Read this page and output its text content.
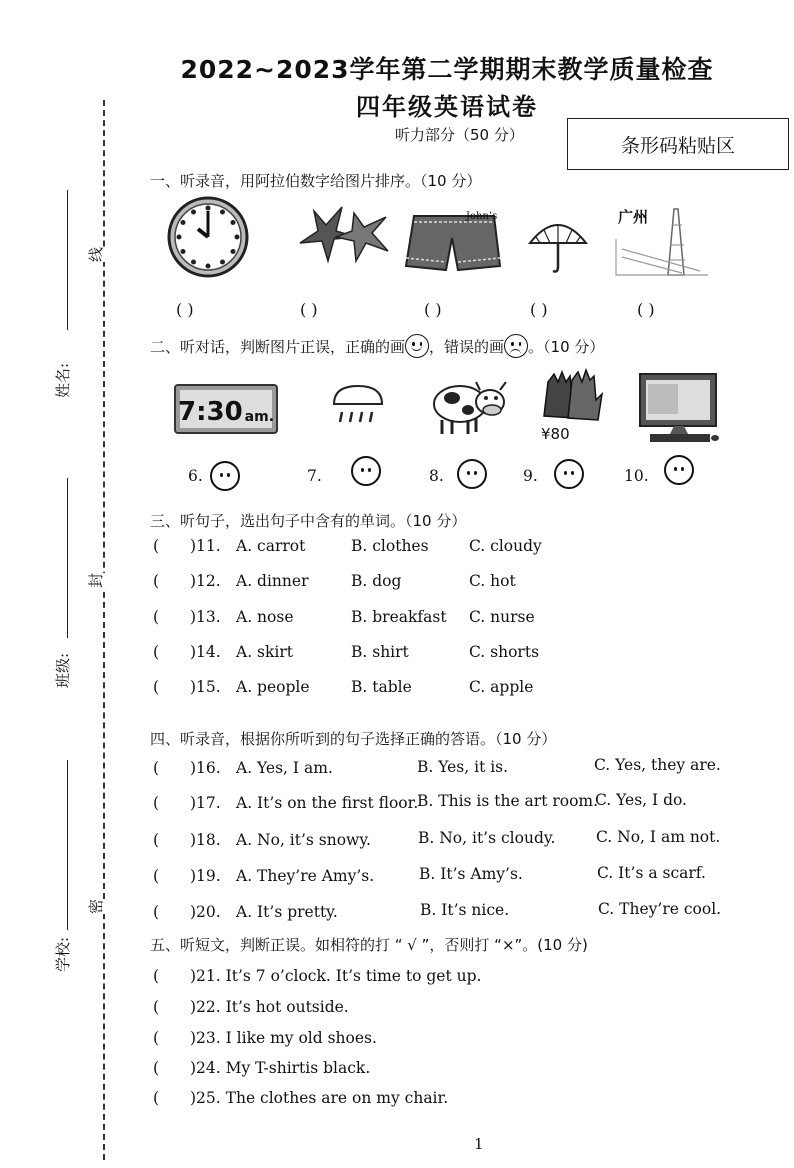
线
封
密
姓名:
班级:
学校:
2022~2023学年第二学期期末教学质量检查
四年级英语试卷
听力部分（50 分）	条形码粘贴区
一、听录音，用阿拉伯数字给图片排序。（10 分）
John’s	广州
( )	( )	( )	( )	( )
二、听对话，判断图片正误，正确的画 ，错误的画 。（10 分）
7:30 am.
¥80
6.	7.	8.	9.	10.
三、听句子，选出句子中含有的单词。（10 分）
( )11. A. carrot	B. clothes	C. cloudy
( )12. A. dinner	B. dog	C. hot
( )13. A. nose	B. breakfast C. nurse
( )14. A. skirt	B. shirt	C. shorts
( )15. A. people	B. table	C. apple
四、听录音，根据你所听到的句子选择正确的答语。（10 分）
( )16. A. Yes, I am.	B. Yes, it is.	C. Yes, they are.
( )17. A. It’s on the first floor.
B. This is the art room.
C. Yes, I do.
( )18. A. No, it’s snowy.	B. No, it’s cloudy.	C. No, I am not.
( )19. A. They’re Amy’s.	B. It’s Amy’s.	C. It’s a scarf.
( )20. A. It’s pretty.	B. It’s nice.	C. They’re cool.
五、听短文，判断正误。如相符的打 “ √ ”，否则打 “×”。(10 分)
( )21. It’s 7 o’clock. It’s time to get up.
( )22. It’s hot outside.
( )23. I like my old shoes.
( )24. My T-shirtis black.
( )25. The clothes are on my chair.
1
